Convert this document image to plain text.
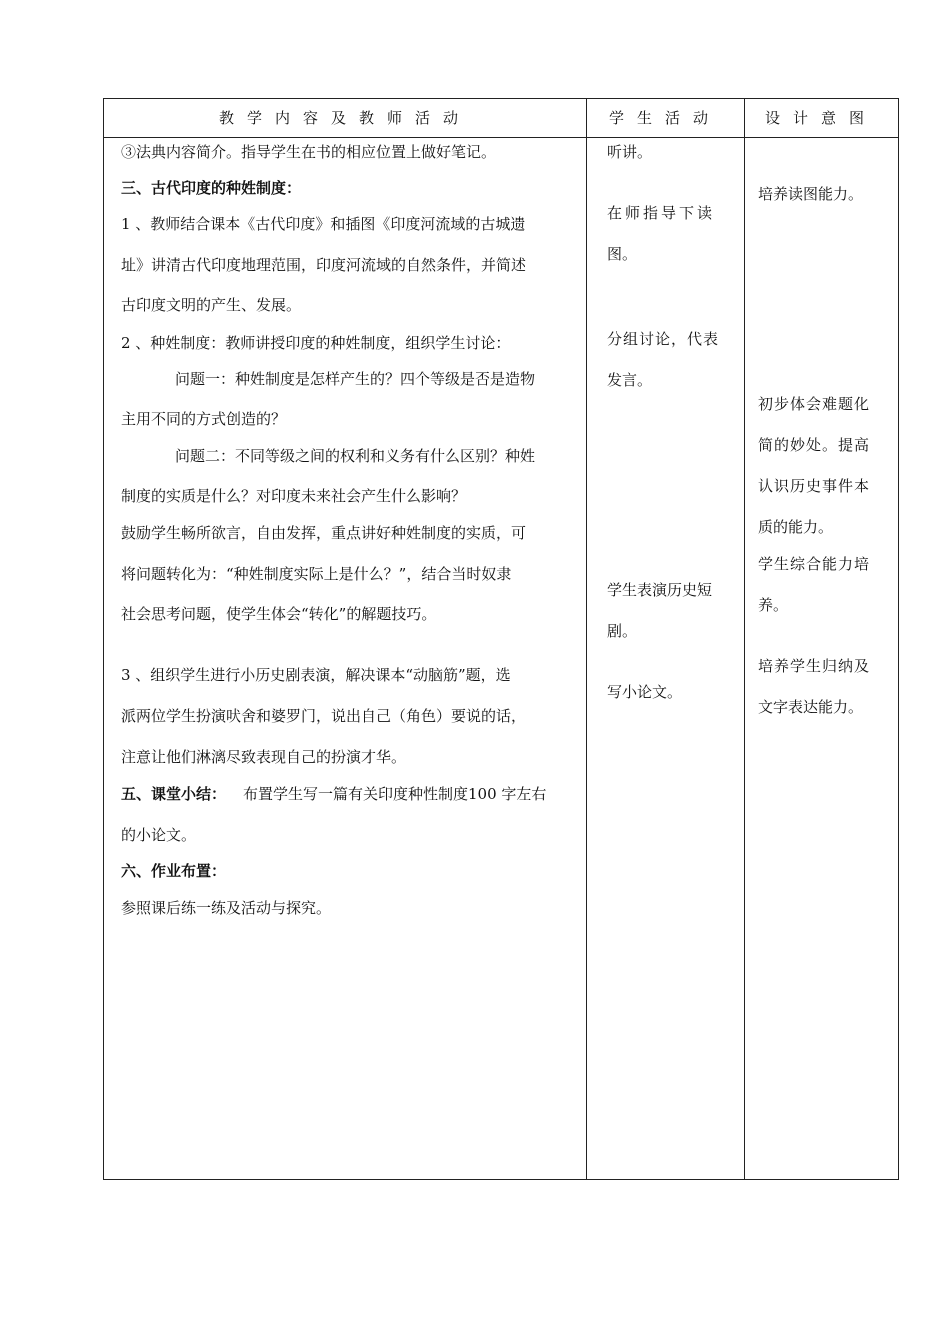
教学内容及教师活动	学生活动	设计意图
③法典内容简介。指导学生在书的相应位置上做好笔记。
三、古代印度的种姓制度：
1 、教师结合课本《古代印度》和插图《印度河流域的古城遗
址》讲清古代印度地理范围，印度河流域的自然条件，并简述
古印度文明的产生、发展。
2 、种姓制度：教师讲授印度的种姓制度，组织学生讨论：
问题一：种姓制度是怎样产生的？四个等级是否是造物
主用不同的方式创造的？
问题二：不同等级之间的权利和义务有什么区别？种姓
制度的实质是什么？对印度未来社会产生什么影响？
鼓励学生畅所欲言，自由发挥，重点讲好种姓制度的实质，可
将问题转化为：“种姓制度实际上是什么？”，结合当时奴隶
社会思考问题，使学生体会“转化”的解题技巧。
3 、组织学生进行小历史剧表演，解决课本“动脑筋”题，选
派两位学生扮演吠舍和婆罗门，说出自己（角色）要说的话，
注意让他们淋漓尽致表现自己的扮演才华。
五、课堂小结： 布置学生写一篇有关印度种性制度100 字左右
的小论文。
六、作业布置：
参照课后练一练及活动与探究。
听讲。
在师指导下读
图。
分组讨论，代表
发言。
学生表演历史短
剧。
写小论文。
培养读图能力。
初步体会难题化
简的妙处。提高
认识历史事件本
质的能力。
学生综合能力培
养。
培养学生归纳及
文字表达能力。
